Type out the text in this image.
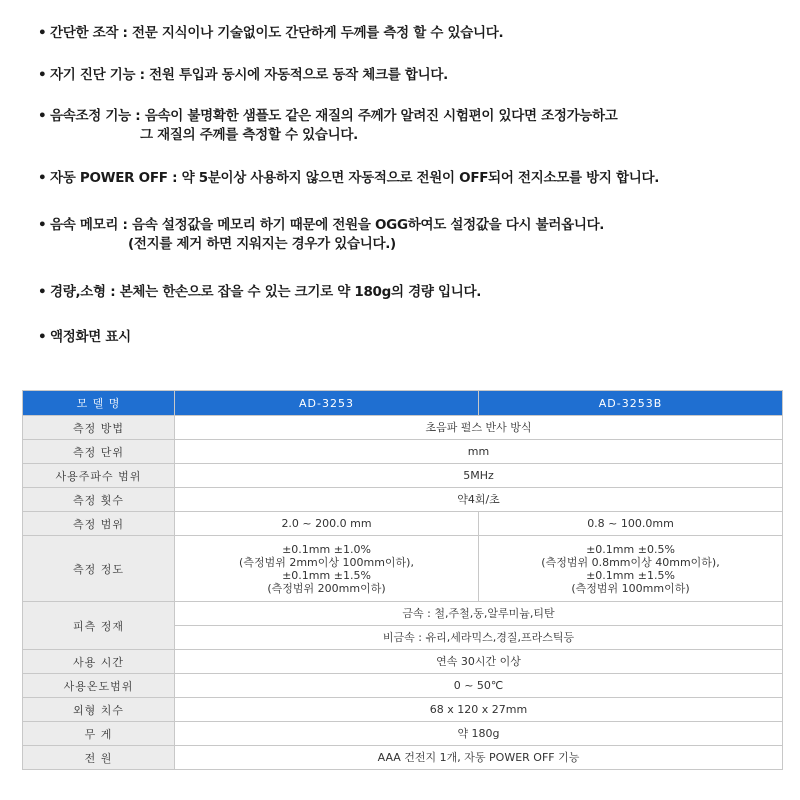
• 간단한 조작 : 전문 지식이나 기술없이도 간단하게 두께를 측정 할 수 있습니다.
• 자기 진단 기능 : 전원 투입과 동시에 자동적으로 동작 체크를 합니다.
• 음속조정 기능 : 음속이 불명확한 샘플도 같은 재질의 주께가 알려진 시험편이 있다면 조정가능하고
그 재질의 주께를 측정할 수 있습니다.
• 자동 POWER OFF : 약 5분이상 사용하지 않으면 자동적으로 전원이 OFF되어 전지소모를 방지 합니다.
• 음속 메모리 : 음속 설정값을 메모리 하기 때문에 전원을 OGG하여도 설정값을 다시 불러옵니다.
(전지를 제거 하면 지워지는 경우가 있습니다.)
• 경량,소형 : 본체는 한손으로 잡을 수 있는 크기로 약 180g의 경량 입니다.
• 액정화면 표시
모 델 명	AD-3253	AD-3253B
측정 방법	초음파 펄스 반사 방식	
측정 단위	mm	
사용주파수 범위	5MHz	
측정 횟수	약4회/초	
측정 범위	2.0 ~ 200.0 mm	0.8 ~ 100.0mm
측정 정도	±0.1mm ±1.0%
(측정범위 2mm이상 100mm이하),
±0.1mm ±1.5%
(측정범위 200mm이하)	±0.1mm ±0.5%
(측정범위 0.8mm이상 40mm이하),
±0.1mm ±1.5%
(측정범위 100mm이하)

피측 정재	금속 : 철,주철,동,알루미늄,티탄	
	비금속 : 유리,세라믹스,경질,프라스틱등	
사용 시간	연속 30시간 이상	
사용온도범위	0 ~ 50℃	
외형 치수	68 x 120 x 27mm	
무 게	약 180g	
전 원	AAA 건전지 1개, 자동 POWER OFF 기능	
